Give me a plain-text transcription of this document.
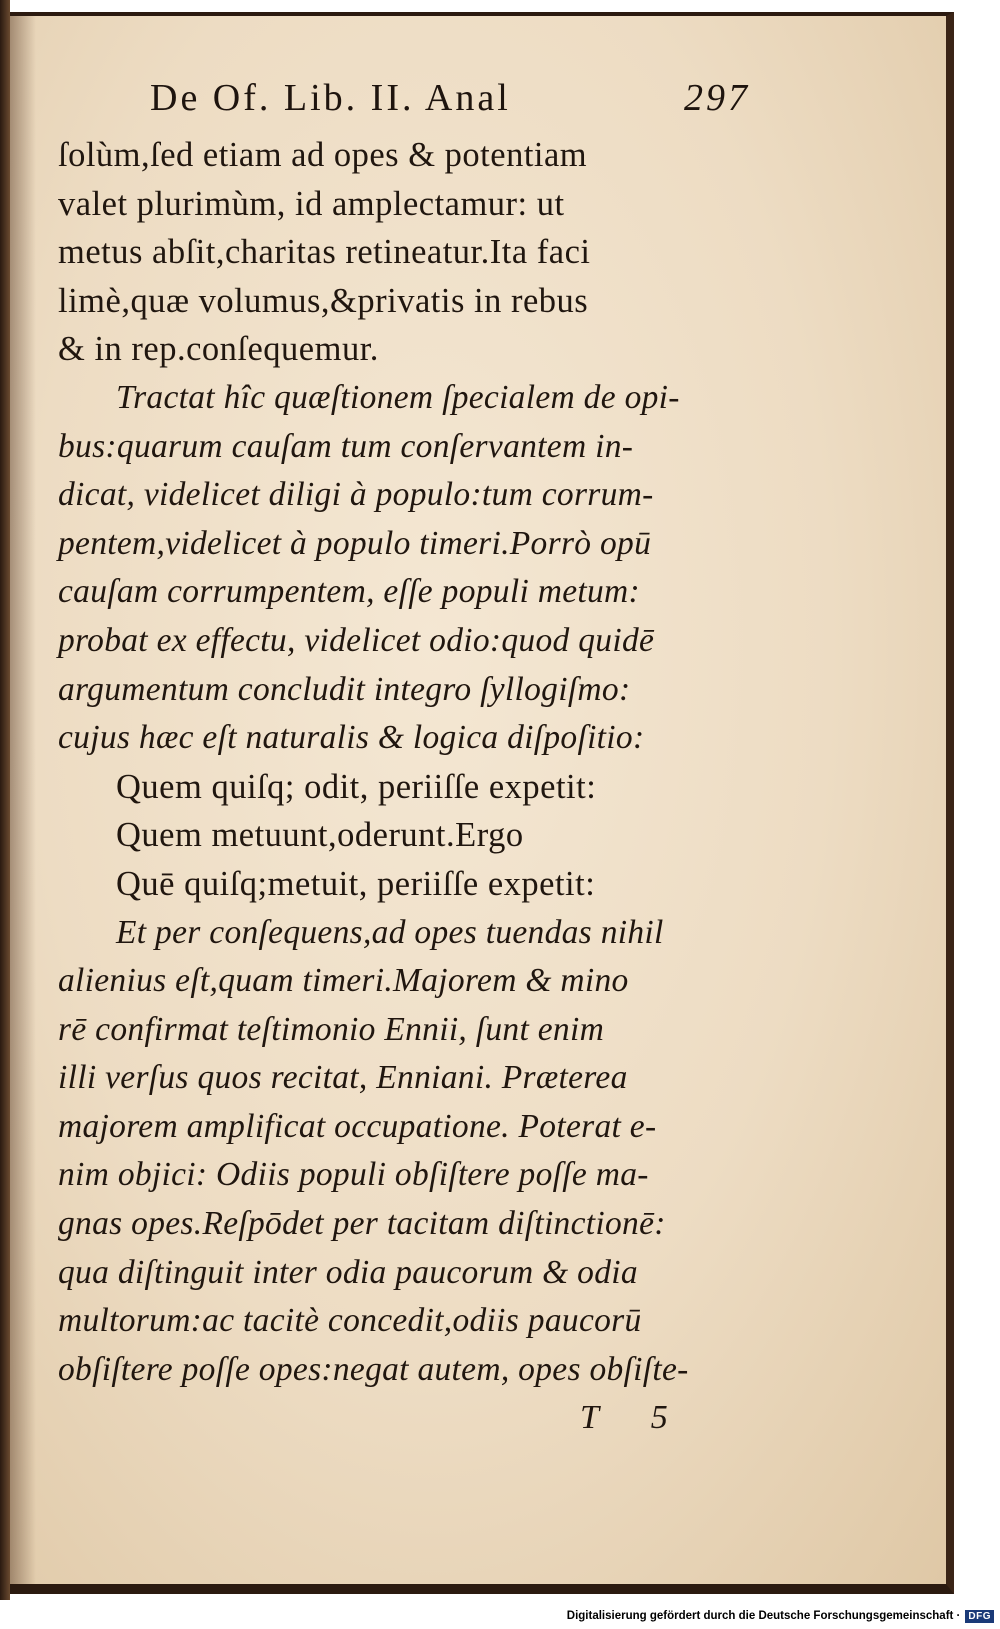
De Of. Lib. II. Anal	297
ſolùm,ſed etiam ad opes & potentiam
valet plurimùm, id amplectamur: ut
metus abſit,charitas retineatur.Ita faci
limè,quæ volumus,&privatis in rebus
& in rep.conſequemur.
Tractat hîc quæſtionem ſpecialem de opi-
bus:quarum cauſam tum conſervantem in-
dicat, videlicet diligi à populo:tum corrum-
pentem,videlicet à populo timeri.Porrò opū
cauſam corrumpentem, eſſe populi metum:
probat ex effectu, videlicet odio:quod quidē
argumentum concludit integro ſyllogiſmo:
cujus hæc eſt naturalis & logica diſpoſitio:
Quem quiſq; odit, periiſſe expetit:
Quem metuunt,oderunt.Ergo
Quē quiſq;metuit, periiſſe expetit:
Et per conſequens,ad opes tuendas nihil
alienius eſt,quam timeri.Majorem & mino
rē confirmat teſtimonio Ennii, ſunt enim
illi verſus quos recitat, Enniani. Præterea
majorem amplificat occupatione. Poterat e-
nim objici: Odiis populi obſiſtere poſſe ma-
gnas opes.Reſpōdet per tacitam diſtinctionē:
qua diſtinguit inter odia paucorum & odia
multorum:ac tacitè concedit,odiis paucorū
obſiſtere poſſe opes:negat autem, opes obſiſte-
T 5
Digitalisierung gefördert durch die Deutsche Forschungsgemeinschaft · DFG
